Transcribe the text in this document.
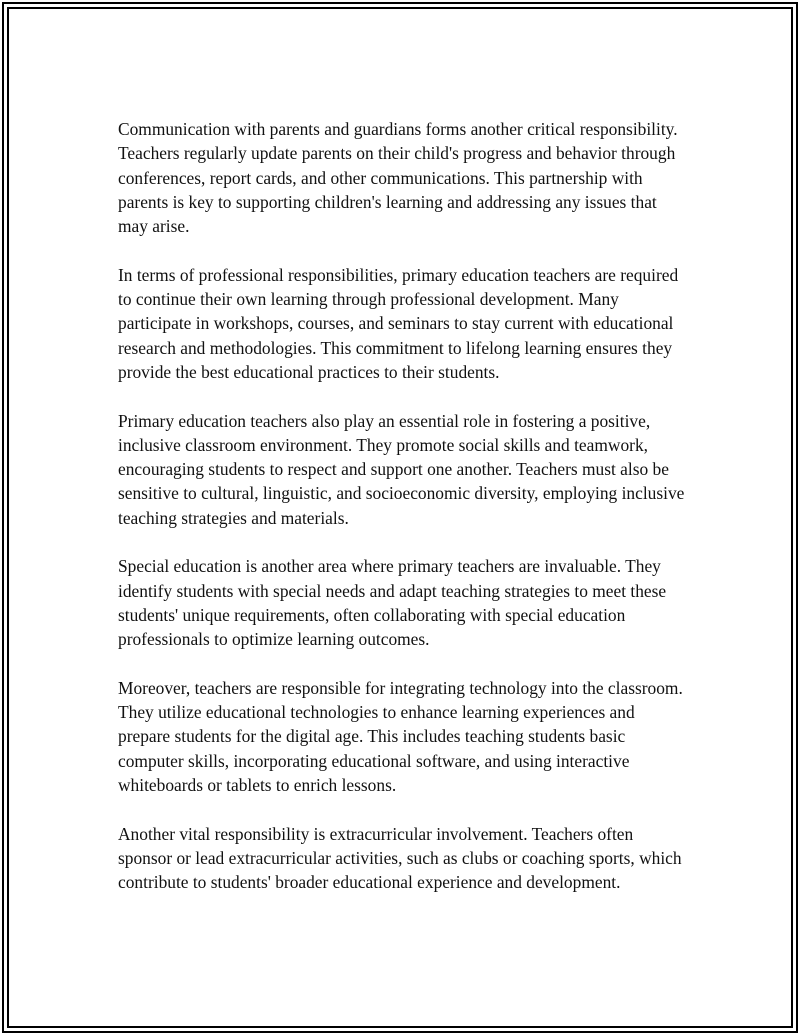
Communication with parents and guardians forms another critical responsibility. Teachers regularly update parents on their child's progress and behavior through conferences, report cards, and other communications. This partnership with parents is key to supporting children's learning and addressing any issues that may arise.

In terms of professional responsibilities, primary education teachers are required to continue their own learning through professional development. Many participate in workshops, courses, and seminars to stay current with educational research and methodologies. This commitment to lifelong learning ensures they provide the best educational practices to their students.

Primary education teachers also play an essential role in fostering a positive, inclusive classroom environment. They promote social skills and teamwork, encouraging students to respect and support one another. Teachers must also be sensitive to cultural, linguistic, and socioeconomic diversity, employing inclusive teaching strategies and materials.

Special education is another area where primary teachers are invaluable. They identify students with special needs and adapt teaching strategies to meet these students' unique requirements, often collaborating with special education professionals to optimize learning outcomes.

Moreover, teachers are responsible for integrating technology into the classroom. They utilize educational technologies to enhance learning experiences and prepare students for the digital age. This includes teaching students basic computer skills, incorporating educational software, and using interactive whiteboards or tablets to enrich lessons.

Another vital responsibility is extracurricular involvement. Teachers often sponsor or lead extracurricular activities, such as clubs or coaching sports, which contribute to students' broader educational experience and development.
